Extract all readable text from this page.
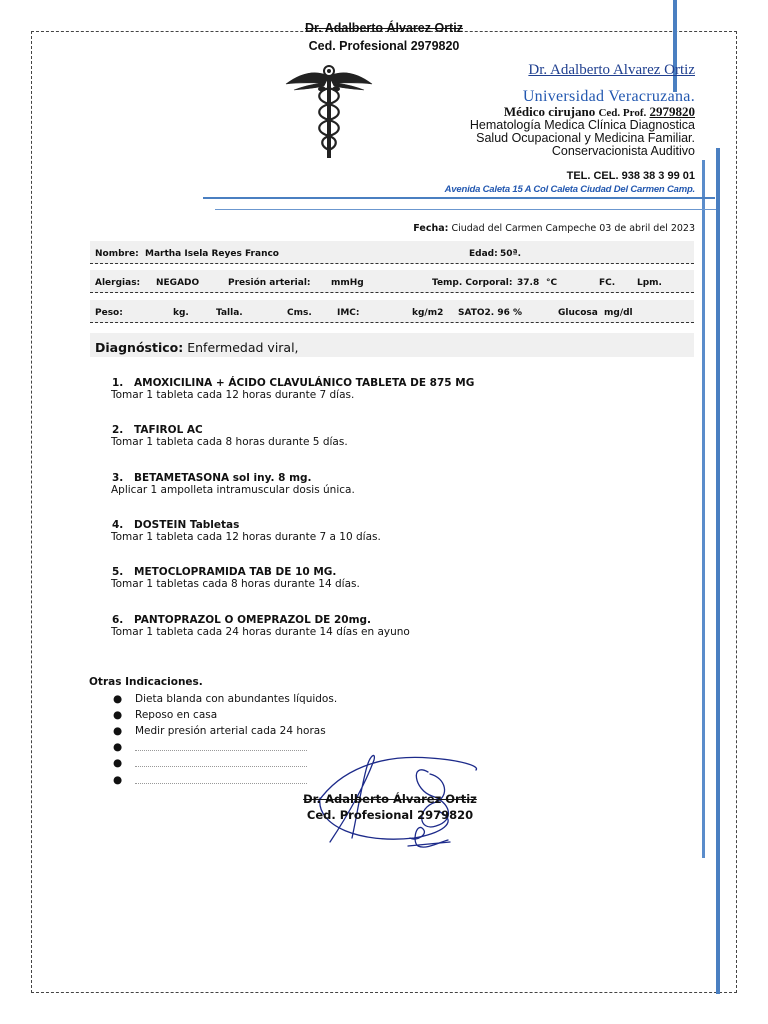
Dr. Adalberto Álvarez Ortiz
Ced. Profesional 2979820
Dr. Adalberto Alvarez Ortiz
Universidad Veracruzana.
Médico cirujano Ced. Prof. 2979820
Hematología Medica Clínica Diagnostica
Salud Ocupacional y Medicina Familiar.
Conservacionista Auditivo
TEL. CEL. 938 38 3 99 01
Avenida Caleta 15 A Col Caleta Ciudad Del Carmen Camp.
Fecha: Ciudad del Carmen Campeche 03 de abril del 2023
Nombre: Martha Isela Reyes Franco	Edad: 50ª.
Alergias: NEGADO	Presión arterial: mmHg	Temp. Corporal: 37.8 °C	FC. Lpm.
Peso:	kg.	Talla.	Cms.	IMC:	kg/m2 SATO2. 96 %	Glucosa mg/dl
Diagnóstico: Enfermedad viral,
1. AMOXICILINA + ÁCIDO CLAVULÁNICO TABLETA DE 875 MG
Tomar 1 tableta cada 12 horas durante 7 días.
2. TAFIROL AC
Tomar 1 tableta cada 8 horas durante 5 días.
3. BETAMETASONA sol iny. 8 mg.
Aplicar 1 ampolleta intramuscular dosis única.
4. DOSTEIN Tabletas
Tomar 1 tableta cada 12 horas durante 7 a 10 días.
5. METOCLOPRAMIDA TAB DE 10 MG.
Tomar 1 tabletas cada 8 horas durante 14 días.
6. PANTOPRAZOL O OMEPRAZOL DE 20mg.
Tomar 1 tableta cada 24 horas durante 14 días en ayuno
Otras Indicaciones.
● Dieta blanda con abundantes líquidos.
● Reposo en casa
● Medir presión arterial cada 24 horas
●
●
●
Dr. Adalberto Álvarez Ortiz
Ced. Profesional 2979820
